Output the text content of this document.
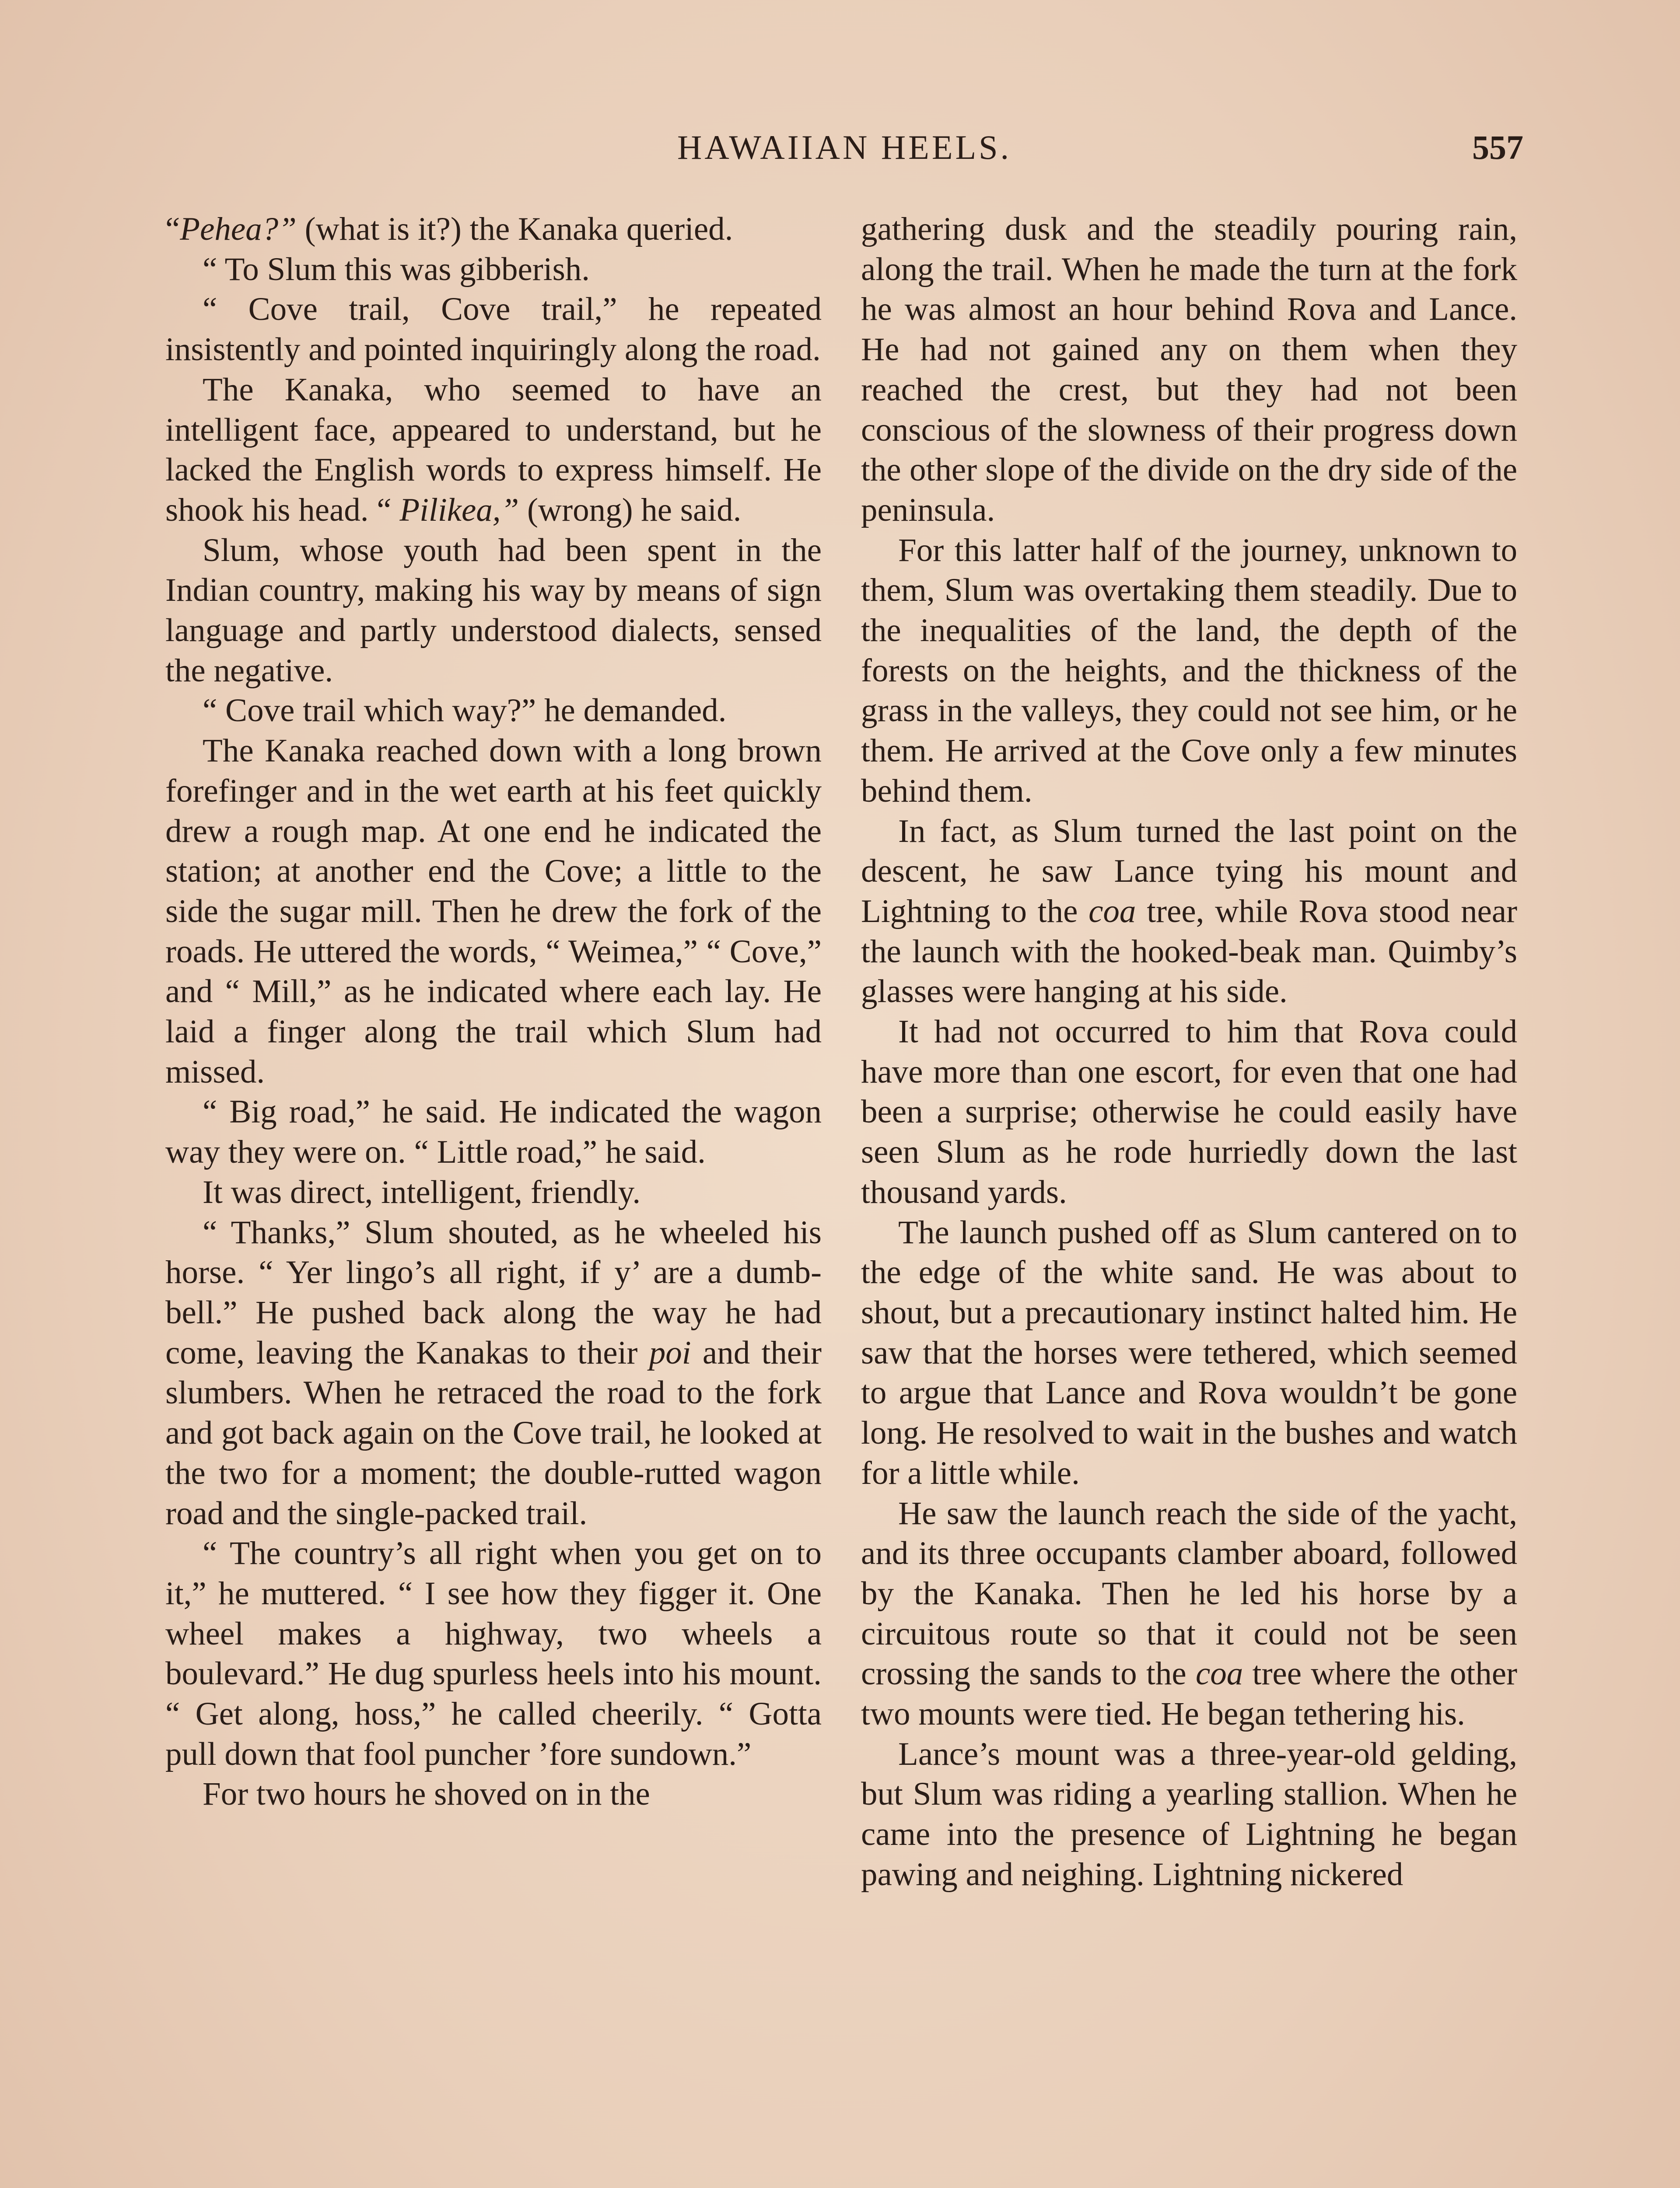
HAWAIIAN HEELS.	557

“Pehea?” (what is it?) the Kanaka queried.

“ To Slum this was gibberish.

“ Cove trail, Cove trail,” he repeated insistently and pointed inquiringly along the road.

The Kanaka, who seemed to have an intelligent face, appeared to understand, but he lacked the English words to express himself. He shook his head. “ Pilikea,” (wrong) he said.

Slum, whose youth had been spent in the Indian country, making his way by means of sign language and partly understood dialects, sensed the negative.

“ Cove trail which way?” he demanded.

The Kanaka reached down with a long brown forefinger and in the wet earth at his feet quickly drew a rough map. At one end he indicated the station; at another end the Cove; a little to the side the sugar mill. Then he drew the fork of the roads. He uttered the words, “ Weimea,” “ Cove,” and “ Mill,” as he indicated where each lay. He laid a finger along the trail which Slum had missed.

“ Big road,” he said. He indicated the wagon way they were on. “ Little road,” he said.

It was direct, intelligent, friendly.

“ Thanks,” Slum shouted, as he wheeled his horse. “ Yer lingo’s all right, if y’ are a dumb-bell.” He pushed back along the way he had come, leaving the Kanakas to their poi and their slumbers. When he retraced the road to the fork and got back again on the Cove trail, he looked at the two for a moment; the double-rutted wagon road and the single-packed trail.

“ The country’s all right when you get on to it,” he muttered. “ I see how they figger it. One wheel makes a highway, two wheels a boulevard.” He dug spurless heels into his mount. “ Get along, hoss,” he called cheerily. “ Gotta pull down that fool puncher ’fore sundown.”

For two hours he shoved on in the

gathering dusk and the steadily pouring rain, along the trail. When he made the turn at the fork he was almost an hour behind Rova and Lance. He had not gained any on them when they reached the crest, but they had not been conscious of the slowness of their progress down the other slope of the divide on the dry side of the peninsula.

For this latter half of the journey, unknown to them, Slum was overtaking them steadily. Due to the inequalities of the land, the depth of the forests on the heights, and the thickness of the grass in the valleys, they could not see him, or he them. He arrived at the Cove only a few minutes behind them.

In fact, as Slum turned the last point on the descent, he saw Lance tying his mount and Lightning to the coa tree, while Rova stood near the launch with the hooked-beak man. Quimby’s glasses were hanging at his side.

It had not occurred to him that Rova could have more than one escort, for even that one had been a surprise; otherwise he could easily have seen Slum as he rode hurriedly down the last thousand yards.

The launch pushed off as Slum cantered on to the edge of the white sand. He was about to shout, but a precautionary instinct halted him. He saw that the horses were tethered, which seemed to argue that Lance and Rova wouldn’t be gone long. He resolved to wait in the bushes and watch for a little while.

He saw the launch reach the side of the yacht, and its three occupants clamber aboard, followed by the Kanaka. Then he led his horse by a circuitous route so that it could not be seen crossing the sands to the coa tree where the other two mounts were tied. He began tethering his.

Lance’s mount was a three-year-old gelding, but Slum was riding a yearling stallion. When he came into the presence of Lightning he began pawing and neighing. Lightning nickered
